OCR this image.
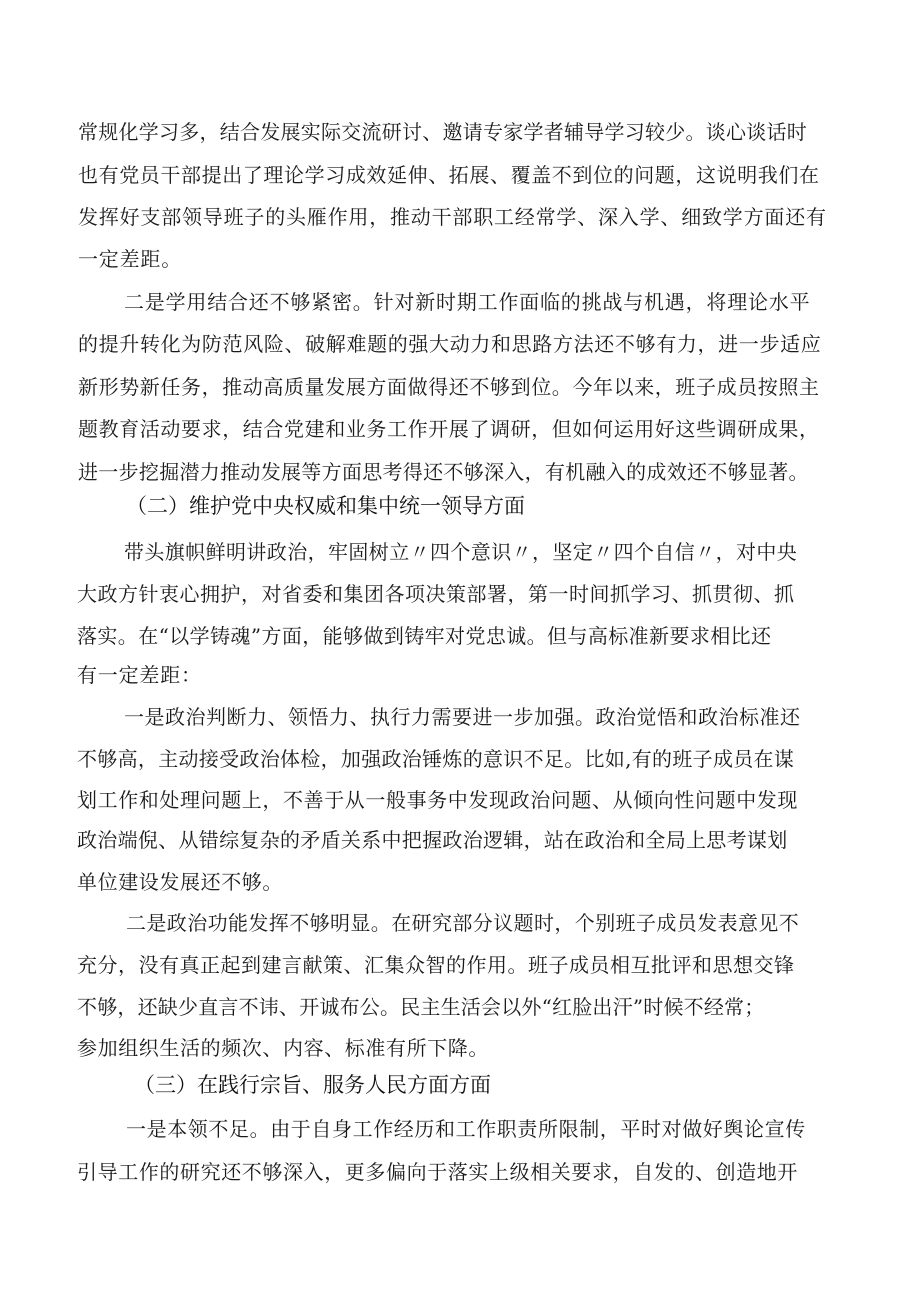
常规化学习多，结合发展实际交流研讨、邀请专家学者辅导学习较少。谈心谈话时
也有党员干部提出了理论学习成效延伸、拓展、覆盖不到位的问题，这说明我们在
发挥好支部领导班子的头雁作用，推动干部职工经常学、深入学、细致学方面还有
一定差距。
二是学用结合还不够紧密。针对新时期工作面临的挑战与机遇，将理论水平
的提升转化为防范风险、破解难题的强大动力和思路方法还不够有力，进一步适应
新形势新任务，推动高质量发展方面做得还不够到位。今年以来，班子成员按照主
题教育活动要求，结合党建和业务工作开展了调研，但如何运用好这些调研成果，
进一步挖掘潜力推动发展等方面思考得还不够深入，有机融入的成效还不够显著。
（二）维护党中央权威和集中统一领导方面
带头旗帜鲜明讲政治，牢固树立〃四个意识〃，坚定〃四个自信〃，对中央
大政方针衷心拥护，对省委和集团各项决策部署，第一时间抓学习、抓贯彻、抓
落实。在“以学铸魂”方面，能够做到铸牢对党忠诚。但与高标准新要求相比还
有一定差距：
一是政治判断力、领悟力、执行力需要进一步加强。政治觉悟和政治标准还
不够高，主动接受政治体检，加强政治锤炼的意识不足。比如,有的班子成员在谋
划工作和处理问题上，不善于从一般事务中发现政治问题、从倾向性问题中发现
政治端倪、从错综复杂的矛盾关系中把握政治逻辑，站在政治和全局上思考谋划
单位建设发展还不够。
二是政治功能发挥不够明显。在研究部分议题时，个别班子成员发表意见不
充分，没有真正起到建言献策、汇集众智的作用。班子成员相互批评和思想交锋
不够，还缺少直言不讳、开诚布公。民主生活会以外“红脸出汗”时候不经常；
参加组织生活的频次、内容、标准有所下降。
（三）在践行宗旨、服务人民方面方面
一是本领不足。由于自身工作经历和工作职责所限制，平时对做好舆论宣传
引导工作的研究还不够深入，更多偏向于落实上级相关要求，自发的、创造地开
